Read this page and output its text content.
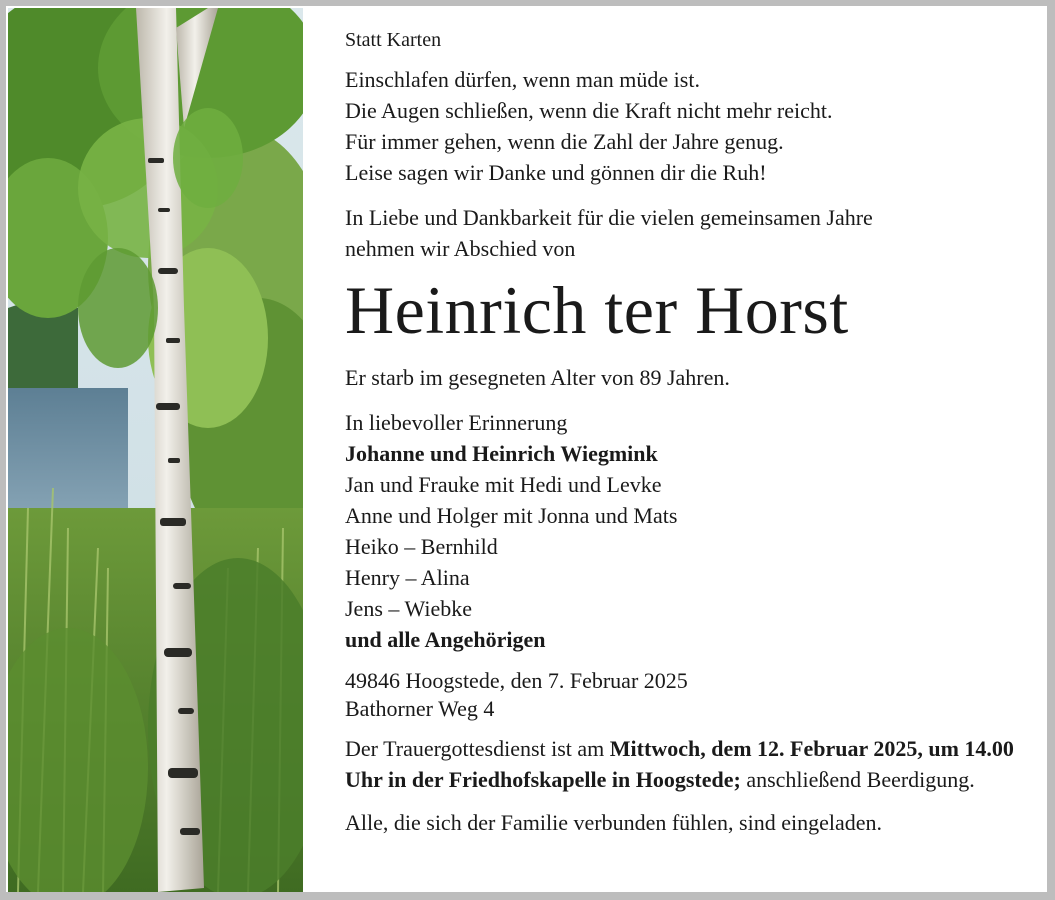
Statt Karten

Einschlafen dürfen, wenn man müde ist.
Die Augen schließen, wenn die Kraft nicht mehr reicht.
Für immer gehen, wenn die Zahl der Jahre genug.
Leise sagen wir Danke und gönnen dir die Ruh!

In Liebe und Dankbarkeit für die vielen gemeinsamen Jahre
nehmen wir Abschied von

Heinrich ter Horst

Er starb im gesegneten Alter von 89 Jahren.

In liebevoller Erinnerung
Johanne und Heinrich Wiegmink
Jan und Frauke mit Hedi und Levke
Anne und Holger mit Jonna und Mats
Heiko – Bernhild
Henry – Alina
Jens – Wiebke
und alle Angehörigen

49846 Hoogstede, den 7. Februar 2025
Bathorner Weg 4

Der Trauergottesdienst ist am Mittwoch, dem 12. Februar 2025, um 14.00 Uhr in der Friedhofskapelle in Hoogstede; anschließend Beerdigung.

Alle, die sich der Familie verbunden fühlen, sind eingeladen.
